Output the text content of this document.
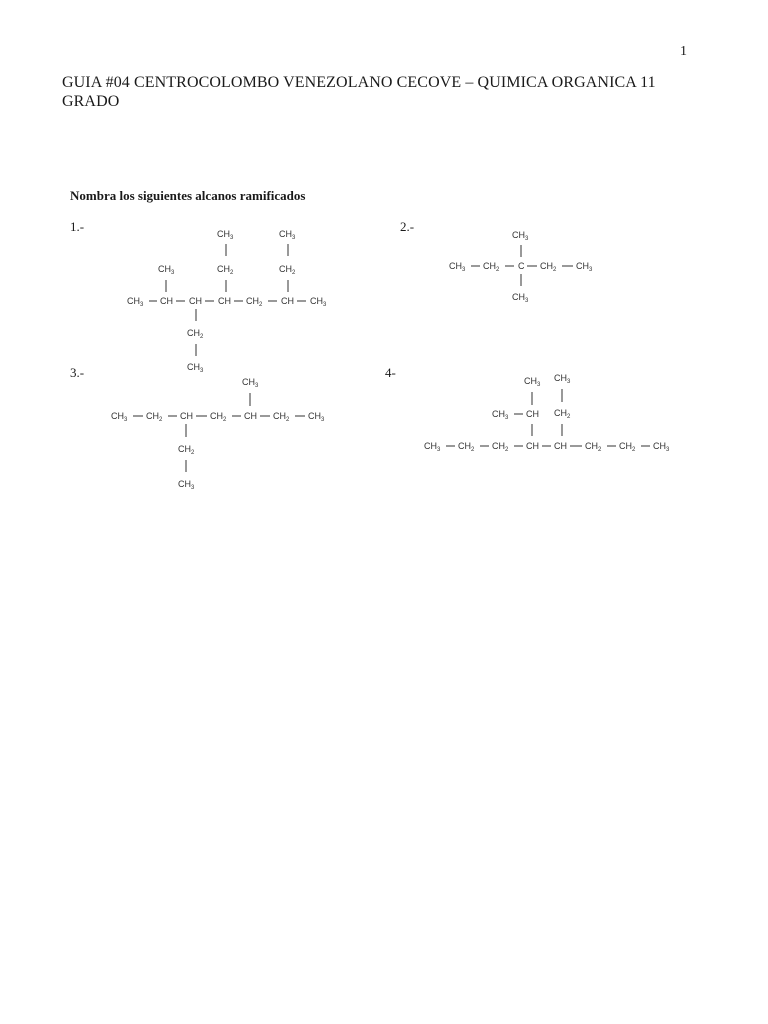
1
GUIA #04 CENTROCOLOMBO VENEZOLANO CECOVE – QUIMICA ORGANICA 11 GRADO
Nombra los siguientes alcanos ramificados
1.-	2.-
3.-	4-
$CH_3$ CH CH CH $CH_2$ CH $CH_3$
$CH_3$
$CH_3$
$CH_2$
$CH_3$
$CH_2$
$CH_2$
$CH_3$
$CH_3$ $CH_2$ C $CH_2$ $CH_3$
$CH_3$
$CH_3$
$CH_3$ $CH_2$ CH $CH_2$ CH $CH_2$ $CH_3$
$CH_3$
$CH_2$
$CH_3$
$CH_3$ $CH_2$ $CH_2$ CH CH $CH_2$ $CH_2$ $CH_3$
$CH_3$ CH
$CH_3$
$CH_2$
$CH_3$
